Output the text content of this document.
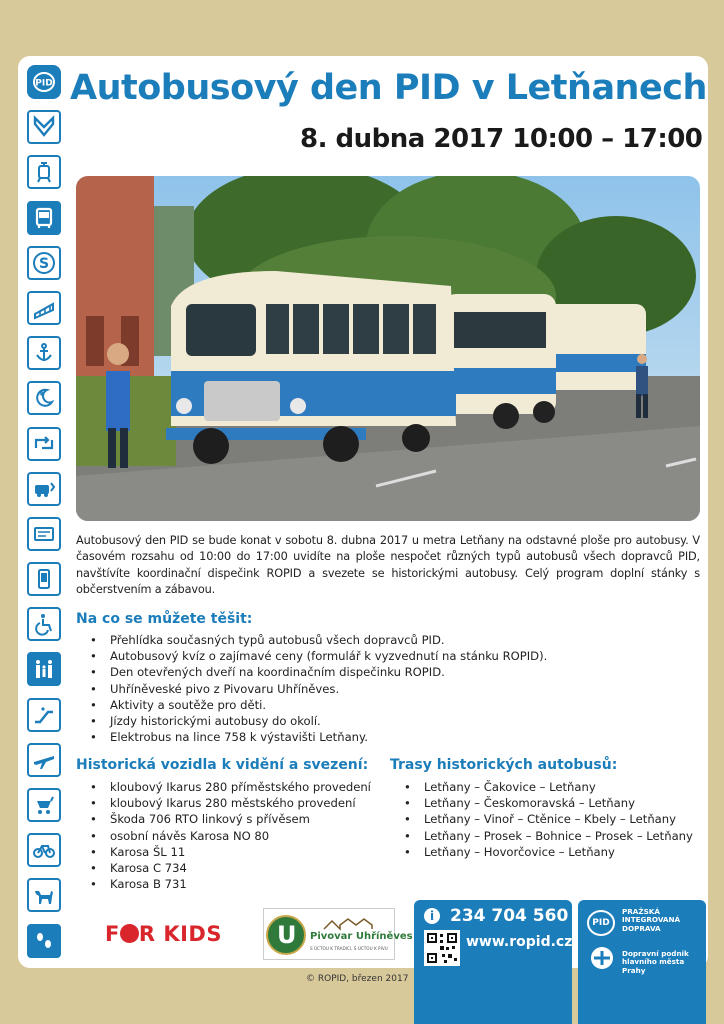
PID
S
✱
Autobusový den PID v Letňanech
8. dubna 2017 10:00 – 17:00

Autobusový den PID se bude konat v sobotu 8. dubna 2017 u metra Letňany na odstavné ploše pro autobusy. V časovém rozsahu od 10:00 do 17:00 uvidíte na ploše nespočet různých typů autobusů všech dopravců PID, navštívíte koordinační dispečink ROPID a svezete se historickými autobusy. Celý program doplní stánky s občerstvením a zábavou.

Na co se můžete těšit:
• Přehlídka současných typů autobusů všech dopravců PID.
• Autobusový kvíz o zajímavé ceny (formulář k vyzvednutí na stánku ROPID).
• Den otevřených dveří na koordinačním dispečinku ROPID.
• Uhříněveské pivo z Pivovaru Uhříněves.
• Aktivity a soutěže pro děti.
• Jízdy historickými autobusy do okolí.
• Elektrobus na lince 758 k výstavišti Letňany.
Historická vozidla k vidění a svezení:
• kloubový Ikarus 280 příměstského provedení
• kloubový Ikarus 280 městského provedení
• Škoda 706 RTO linkový s přívěsem
• osobní návěs Karosa NO 80
• Karosa ŠL 11
• Karosa C 734
• Karosa B 731
Trasy historických autobusů:
• Letňany – Čakovice – Letňany
• Letňany – Českomoravská – Letňany
• Letňany – Vinoř – Ctěnice – Kbely – Letňany
• Letňany – Prosek – Bohnice – Prosek – Letňany
• Letňany – Hovorčovice – Letňany
F R KIDS U Pivovar Uhříněves
S ÚCTOU K TRADICI, S ÚCTOU K PIVU
i 234 704 560
www.ropid.cz
PID
PRAŽSKÁ
INTEGROVANÁ
DOPRAVA
Dopravní podnik
hlavního města Prahy
© ROPID, březen 2017
